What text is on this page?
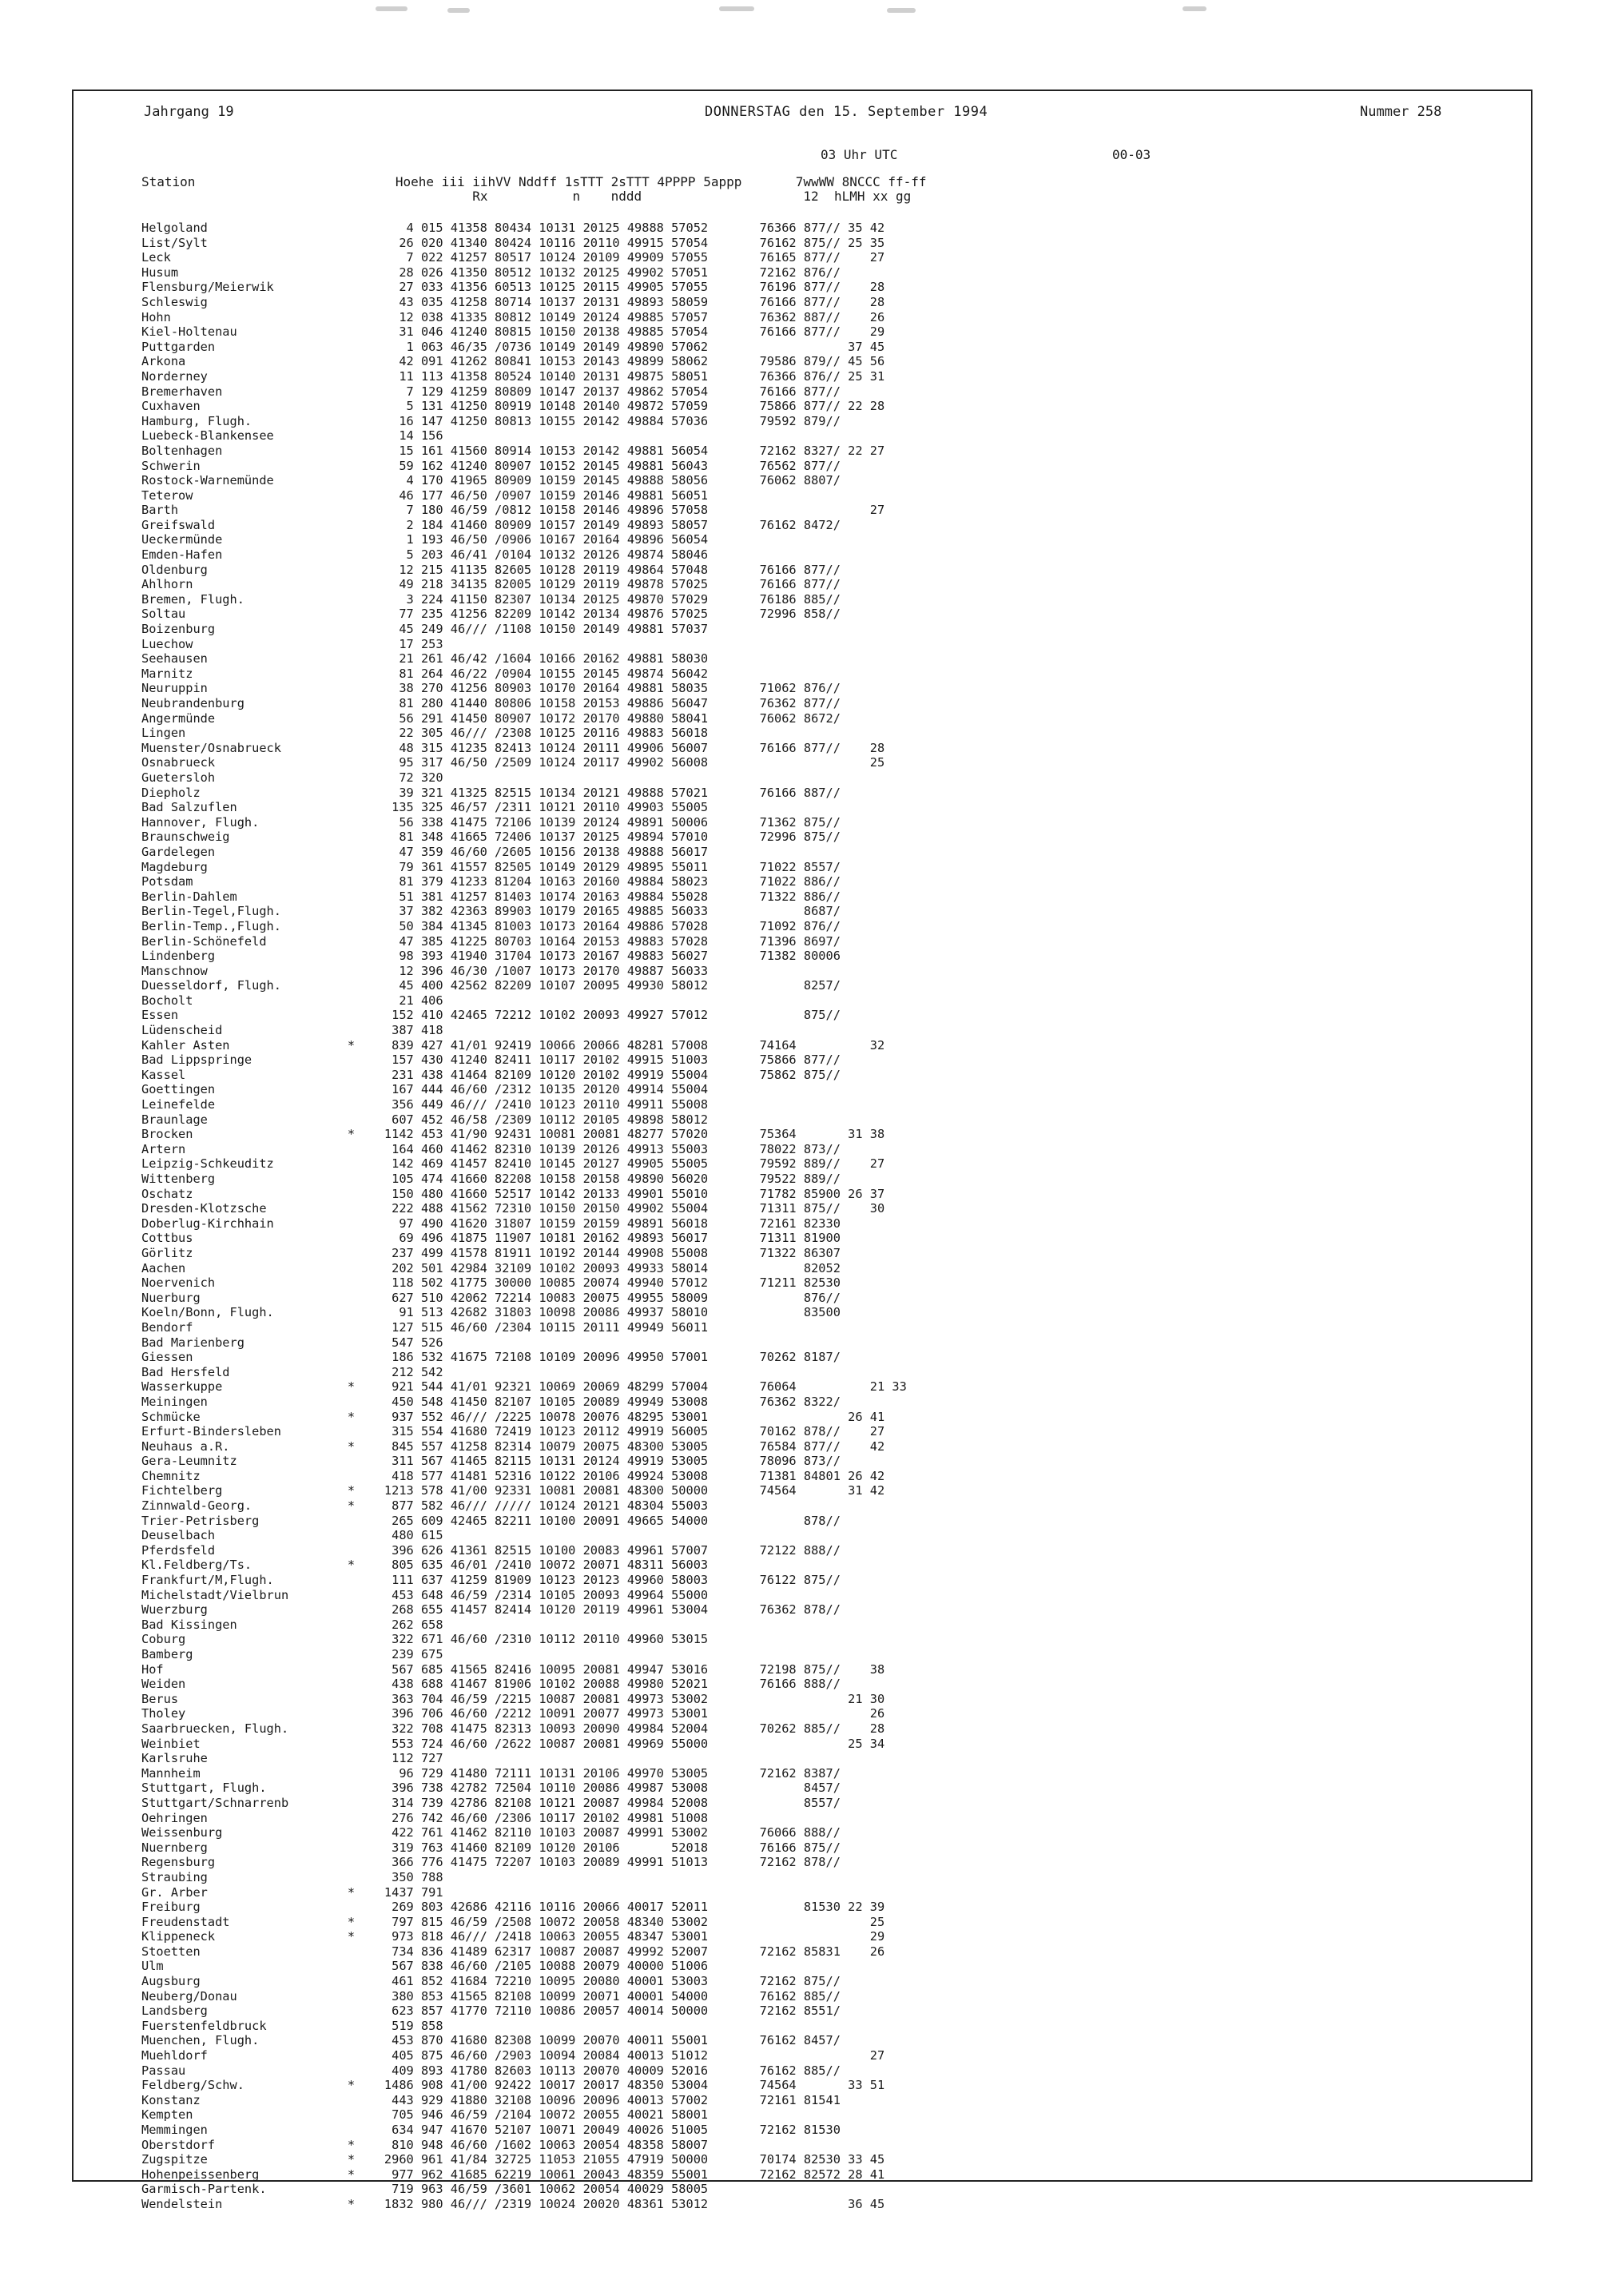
Jahrgang 19	DONNERSTAG den 15. September 1994	Nummer 258
03 Uhr UTC	00-03
Station                          Hoehe iii iihVV Nddff 1sTTT 2sTTT 4PPPP 5appp       7wwWW 8NCCC ff-ff
Rx           n    nddd                     12  hLMH xx gg
Helgoland                           4 015 41358 80434 10131 20125 49888 57052       76366 877// 35 42
List/Sylt                          26 020 41340 80424 10116 20110 49915 57054       76162 875// 25 35
Leck                                7 022 41257 80517 10124 20109 49909 57055       76165 877//    27
Husum                              28 026 41350 80512 10132 20125 49902 57051       72162 876//
Flensburg/Meierwik                 27 033 41356 60513 10125 20115 49905 57055       76196 877//    28
Schleswig                          43 035 41258 80714 10137 20131 49893 58059       76166 877//    28
Hohn                               12 038 41335 80812 10149 20124 49885 57057       76362 887//    26
Kiel-Holtenau                      31 046 41240 80815 10150 20138 49885 57054       76166 877//    29
Puttgarden                          1 063 46/35 /0736 10149 20149 49890 57062                   37 45
Arkona                             42 091 41262 80841 10153 20143 49899 58062       79586 879// 45 56
Norderney                          11 113 41358 80524 10140 20131 49875 58051       76366 876// 25 31
Bremerhaven                         7 129 41259 80809 10147 20137 49862 57054       76166 877//
Cuxhaven                            5 131 41250 80919 10148 20140 49872 57059       75866 877// 22 28
Hamburg, Flugh.                    16 147 41250 80813 10155 20142 49884 57036       79592 879//
Luebeck-Blankensee                 14 156
Boltenhagen                        15 161 41560 80914 10153 20142 49881 56054       72162 8327/ 22 27
Schwerin                           59 162 41240 80907 10152 20145 49881 56043       76562 877//
Rostock-Warnemünde                  4 170 41965 80909 10159 20145 49888 58056       76062 8807/
Teterow                            46 177 46/50 /0907 10159 20146 49881 56051
Barth                               7 180 46/59 /0812 10158 20146 49896 57058                      27
Greifswald                          2 184 41460 80909 10157 20149 49893 58057       76162 8472/
Ueckermünde                         1 193 46/50 /0906 10167 20164 49896 56054
Emden-Hafen                         5 203 46/41 /0104 10132 20126 49874 58046
Oldenburg                          12 215 41135 82605 10128 20119 49864 57048       76166 877//
Ahlhorn                            49 218 34135 82005 10129 20119 49878 57025       76166 877//
Bremen, Flugh.                      3 224 41150 82307 10134 20125 49870 57029       76186 885//
Soltau                             77 235 41256 82209 10142 20134 49876 57025       72996 858//
Boizenburg                         45 249 46/// /1108 10150 20149 49881 57037
Luechow                            17 253
Seehausen                          21 261 46/42 /1604 10166 20162 49881 58030
Marnitz                            81 264 46/22 /0904 10155 20145 49874 56042
Neuruppin                          38 270 41256 80903 10170 20164 49881 58035       71062 876//
Neubrandenburg                     81 280 41440 80806 10158 20153 49886 56047       76362 877//
Angermünde                         56 291 41450 80907 10172 20170 49880 58041       76062 8672/
Lingen                             22 305 46/// /2308 10125 20116 49883 56018
Muenster/Osnabrueck                48 315 41235 82413 10124 20111 49906 56007       76166 877//    28
Osnabrueck                         95 317 46/50 /2509 10124 20117 49902 56008                      25
Guetersloh                         72 320
Diepholz                           39 321 41325 82515 10134 20121 49888 57021       76166 887//
Bad Salzuflen                     135 325 46/57 /2311 10121 20110 49903 55005
Hannover, Flugh.                   56 338 41475 72106 10139 20124 49891 50006       71362 875//
Braunschweig                       81 348 41665 72406 10137 20125 49894 57010       72996 875//
Gardelegen                         47 359 46/60 /2605 10156 20138 49888 56017
Magdeburg                          79 361 41557 82505 10149 20129 49895 55011       71022 8557/
Potsdam                            81 379 41233 81204 10163 20160 49884 58023       71022 886//
Berlin-Dahlem                      51 381 41257 81403 10174 20163 49884 55028       71322 886//
Berlin-Tegel,Flugh.                37 382 42363 89903 10179 20165 49885 56033             8687/
Berlin-Temp.,Flugh.                50 384 41345 81003 10173 20164 49886 57028       71092 876//
Berlin-Schönefeld                  47 385 41225 80703 10164 20153 49883 57028       71396 8697/
Lindenberg                         98 393 41940 31704 10173 20167 49883 56027       71382 80006
Manschnow                          12 396 46/30 /1007 10173 20170 49887 56033
Duesseldorf, Flugh.                45 400 42562 82209 10107 20095 49930 58012             8257/
Bocholt                            21 406
Essen                             152 410 42465 72212 10102 20093 49927 57012             875//
Lüdenscheid                       387 418
Kahler Asten                *     839 427 41/01 92419 10066 20066 48281 57008       74164          32
Bad Lippspringe                   157 430 41240 82411 10117 20102 49915 51003       75866 877//
Kassel                            231 438 41464 82109 10120 20102 49919 55004       75862 875//
Goettingen                        167 444 46/60 /2312 10135 20120 49914 55004
Leinefelde                        356 449 46/// /2410 10123 20110 49911 55008
Braunlage                         607 452 46/58 /2309 10112 20105 49898 58012
Brocken                     *    1142 453 41/90 92431 10081 20081 48277 57020       75364       31 38
Artern                            164 460 41462 82310 10139 20126 49913 55003       78022 873//
Leipzig-Schkeuditz                142 469 41457 82410 10145 20127 49905 55005       79592 889//    27
Wittenberg                        105 474 41660 82208 10158 20158 49890 56020       79522 889//
Oschatz                           150 480 41660 52517 10142 20133 49901 55010       71782 85900 26 37
Dresden-Klotzsche                 222 488 41562 72310 10150 20150 49902 55004       71311 875//    30
Doberlug-Kirchhain                 97 490 41620 31807 10159 20159 49891 56018       72161 82330
Cottbus                            69 496 41875 11907 10181 20162 49893 56017       71311 81900
Görlitz                           237 499 41578 81911 10192 20144 49908 55008       71322 86307
Aachen                            202 501 42984 32109 10102 20093 49933 58014             82052
Noervenich                        118 502 41775 30000 10085 20074 49940 57012       71211 82530
Nuerburg                          627 510 42062 72214 10083 20075 49955 58009             876//
Koeln/Bonn, Flugh.                 91 513 42682 31803 10098 20086 49937 58010             83500
Bendorf                           127 515 46/60 /2304 10115 20111 49949 56011
Bad Marienberg                    547 526
Giessen                           186 532 41675 72108 10109 20096 49950 57001       70262 8187/
Bad Hersfeld                      212 542
Wasserkuppe                 *     921 544 41/01 92321 10069 20069 48299 57004       76064          21 33
Meiningen                         450 548 41450 82107 10105 20089 49949 53008       76362 8322/
Schmücke                    *     937 552 46/// /2225 10078 20076 48295 53001                   26 41
Erfurt-Bindersleben               315 554 41680 72419 10123 20112 49919 56005       70162 878//    27
Neuhaus a.R.                *     845 557 41258 82314 10079 20075 48300 53005       76584 877//    42
Gera-Leumnitz                     311 567 41465 82115 10131 20124 49919 53005       78096 873//
Chemnitz                          418 577 41481 52316 10122 20106 49924 53008       71381 84801 26 42
Fichtelberg                 *    1213 578 41/00 92331 10081 20081 48300 50000       74564       31 42
Zinnwald-Georg.             *     877 582 46/// ///// 10124 20121 48304 55003
Trier-Petrisberg                  265 609 42465 82211 10100 20091 49665 54000             878//
Deuselbach                        480 615
Pferdsfeld                        396 626 41361 82515 10100 20083 49961 57007       72122 888//
Kl.Feldberg/Ts.             *     805 635 46/01 /2410 10072 20071 48311 56003
Frankfurt/M,Flugh.                111 637 41259 81909 10123 20123 49960 58003       76122 875//
Michelstadt/Vielbrun              453 648 46/59 /2314 10105 20093 49964 55000
Wuerzburg                         268 655 41457 82414 10120 20119 49961 53004       76362 878//
Bad Kissingen                     262 658
Coburg                            322 671 46/60 /2310 10112 20110 49960 53015
Bamberg                           239 675
Hof                               567 685 41565 82416 10095 20081 49947 53016       72198 875//    38
Weiden                            438 688 41467 81906 10102 20088 49980 52021       76166 888//
Berus                             363 704 46/59 /2215 10087 20081 49973 53002                   21 30
Tholey                            396 706 46/60 /2212 10091 20077 49973 53001                      26
Saarbruecken, Flugh.              322 708 41475 82313 10093 20090 49984 52004       70262 885//    28
Weinbiet                          553 724 46/60 /2622 10087 20081 49969 55000                   25 34
Karlsruhe                         112 727
Mannheim                           96 729 41480 72111 10131 20106 49970 53005       72162 8387/
Stuttgart, Flugh.                 396 738 42782 72504 10110 20086 49987 53008             8457/
Stuttgart/Schnarrenb              314 739 42786 82108 10121 20087 49984 52008             8557/
Oehringen                         276 742 46/60 /2306 10117 20102 49981 51008
Weissenburg                       422 761 41462 82110 10103 20087 49991 53002       76066 888//
Nuernberg                         319 763 41460 82109 10120 20106       52018       76166 875//
Regensburg                        366 776 41475 72207 10103 20089 49991 51013       72162 878//
Straubing                         350 788
Gr. Arber                   *    1437 791
Freiburg                          269 803 42686 42116 10116 20066 40017 52011             81530 22 39
Freudenstadt                *     797 815 46/59 /2508 10072 20058 48340 53002                      25
Klippeneck                  *     973 818 46/// /2418 10063 20055 48347 53001                      29
Stoetten                          734 836 41489 62317 10087 20087 49992 52007       72162 85831    26
Ulm                               567 838 46/60 /2105 10088 20079 40000 51006
Augsburg                          461 852 41684 72210 10095 20080 40001 53003       72162 875//
Neuberg/Donau                     380 853 41565 82108 10099 20071 40001 54000       76162 885//
Landsberg                         623 857 41770 72110 10086 20057 40014 50000       72162 8551/
Fuerstenfeldbruck                 519 858
Muenchen, Flugh.                  453 870 41680 82308 10099 20070 40011 55001       76162 8457/
Muehldorf                         405 875 46/60 /2903 10094 20084 40013 51012                      27
Passau                            409 893 41780 82603 10113 20070 40009 52016       76162 885//
Feldberg/Schw.              *    1486 908 41/00 92422 10017 20017 48350 53004       74564       33 51
Konstanz                          443 929 41880 32108 10096 20096 40013 57002       72161 81541
Kempten                           705 946 46/59 /2104 10072 20055 40021 58001
Memmingen                         634 947 41670 52107 10071 20049 40026 51005       72162 81530
Oberstdorf                  *     810 948 46/60 /1602 10063 20054 48358 58007
Zugspitze                   *    2960 961 41/84 32725 11053 21055 47919 50000       70174 82530 33 45
Hohenpeissenberg            *     977 962 41685 62219 10061 20043 48359 55001       72162 82572 28 41
Garmisch-Partenk.                 719 963 46/59 /3601 10062 20054 40029 58005
Wendelstein                 *    1832 980 46/// /2319 10024 20020 48361 53012                   36 45
